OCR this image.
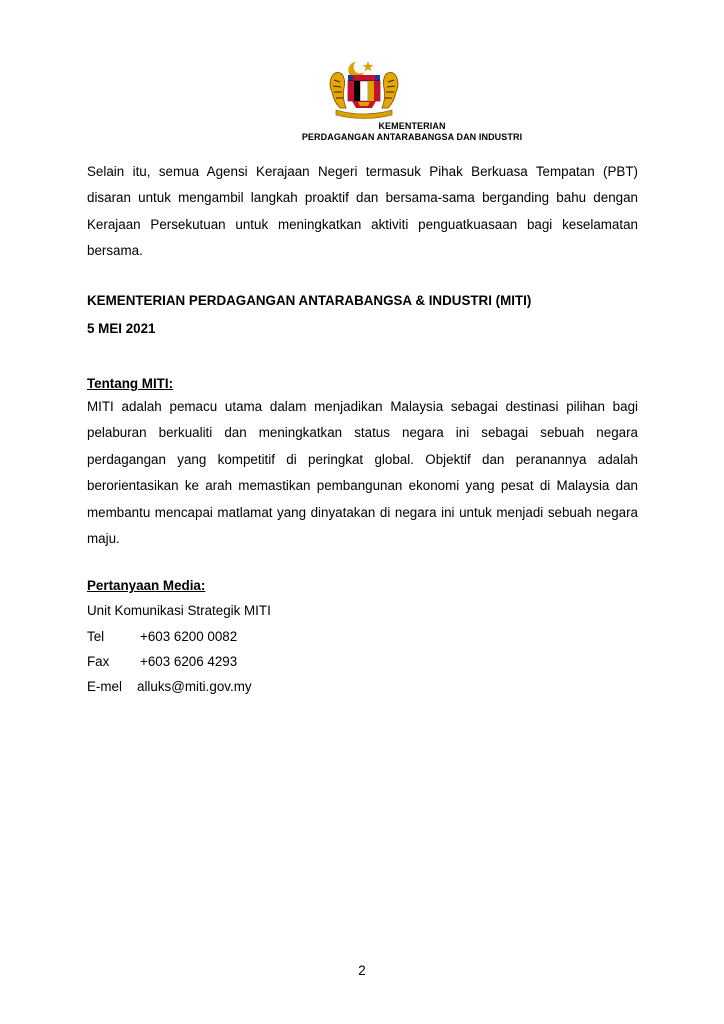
KEMENTERIAN
PERDAGANGAN ANTARABANGSA DAN INDUSTRI

Selain itu, semua Agensi Kerajaan Negeri termasuk Pihak Berkuasa Tempatan (PBT) disaran untuk mengambil langkah proaktif dan bersama-sama berganding bahu dengan Kerajaan Persekutuan untuk meningkatkan aktiviti penguatkuasaan bagi keselamatan bersama.

KEMENTERIAN PERDAGANGAN ANTARABANGSA & INDUSTRI (MITI)
5 MEI 2021
Tentang MITI:

MITI adalah pemacu utama dalam menjadikan Malaysia sebagai destinasi pilihan bagi pelaburan berkualiti dan meningkatkan status negara ini sebagai sebuah negara perdagangan yang kompetitif di peringkat global. Objektif dan peranannya adalah berorientasikan ke arah memastikan pembangunan ekonomi yang pesat di Malaysia dan membantu mencapai matlamat yang dinyatakan di negara ini untuk menjadi sebuah negara maju.

Pertanyaan Media:
Unit Komunikasi Strategik MITI
Tel	+603 6200 0082
Fax +603 6206 4293
E-mel alluks@miti.gov.my
2
